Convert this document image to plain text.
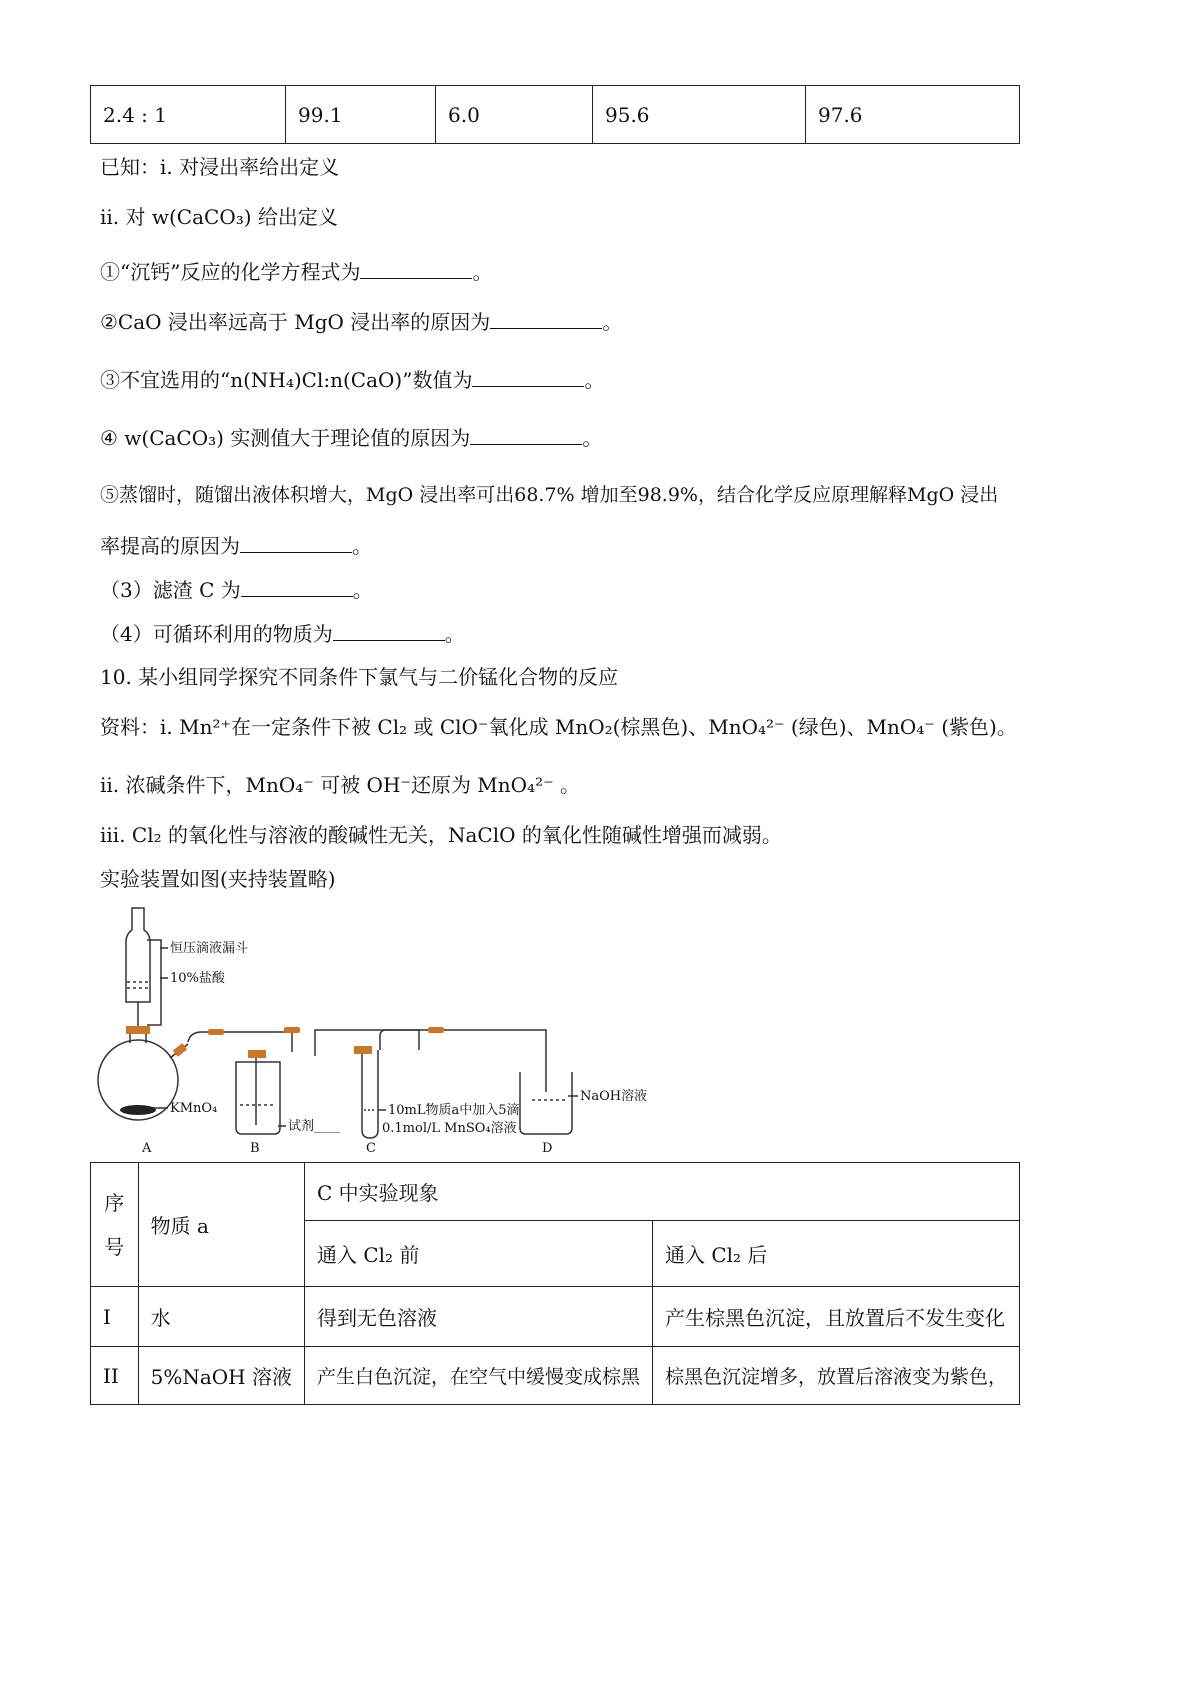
2.4 : 1	99.1	6.0	95.6	97.6
已知：i. 对浸出率给出定义
ii. 对 w(CaCO₃) 给出定义
①“沉钙”反应的化学方程式为	。
②CaO 浸出率远高于 MgO 浸出率的原因为	。
③不宜选用的“n(NH₄)Cl:n(CaO)”数值为	。
④ w(CaCO₃) 实测值大于理论值的原因为	。
⑤蒸馏时，随馏出液体积增大，MgO 浸出率可出68.7% 增加至98.9%，结合化学反应原理解释MgO 浸出
率提高的原因为	。
（3）滤渣 C 为	。
（4）可循环利用的物质为	。
10. 某小组同学探究不同条件下氯气与二价锰化合物的反应
资料：i. Mn²⁺在一定条件下被 Cl₂ 或 ClO⁻氧化成 MnO₂(棕黑色)、MnO₄²⁻ (绿色)、MnO₄⁻ (紫色)。
ii. 浓碱条件下，MnO₄⁻ 可被 OH⁻还原为 MnO₄²⁻ 。
iii. Cl₂ 的氧化性与溶液的酸碱性无关，NaClO 的氧化性随碱性增强而减弱。
实验装置如图(夹持装置略)
恒压滴液漏斗
10%盐酸
KMnO₄
试剂____
10mL物质a中加入5滴
0.1mol/L MnSO₄溶液
NaOH溶液
A	B	C	D
序号	物质 a	C 中实验现象	
		通入 Cl₂ 前	通入 Cl₂ 后
I	水	得到无色溶液	产生棕黑色沉淀，且放置后不发生变化
II	5%NaOH 溶液	产生白色沉淀，在空气中缓慢变成棕黑	棕黑色沉淀增多，放置后溶液变为紫色，
